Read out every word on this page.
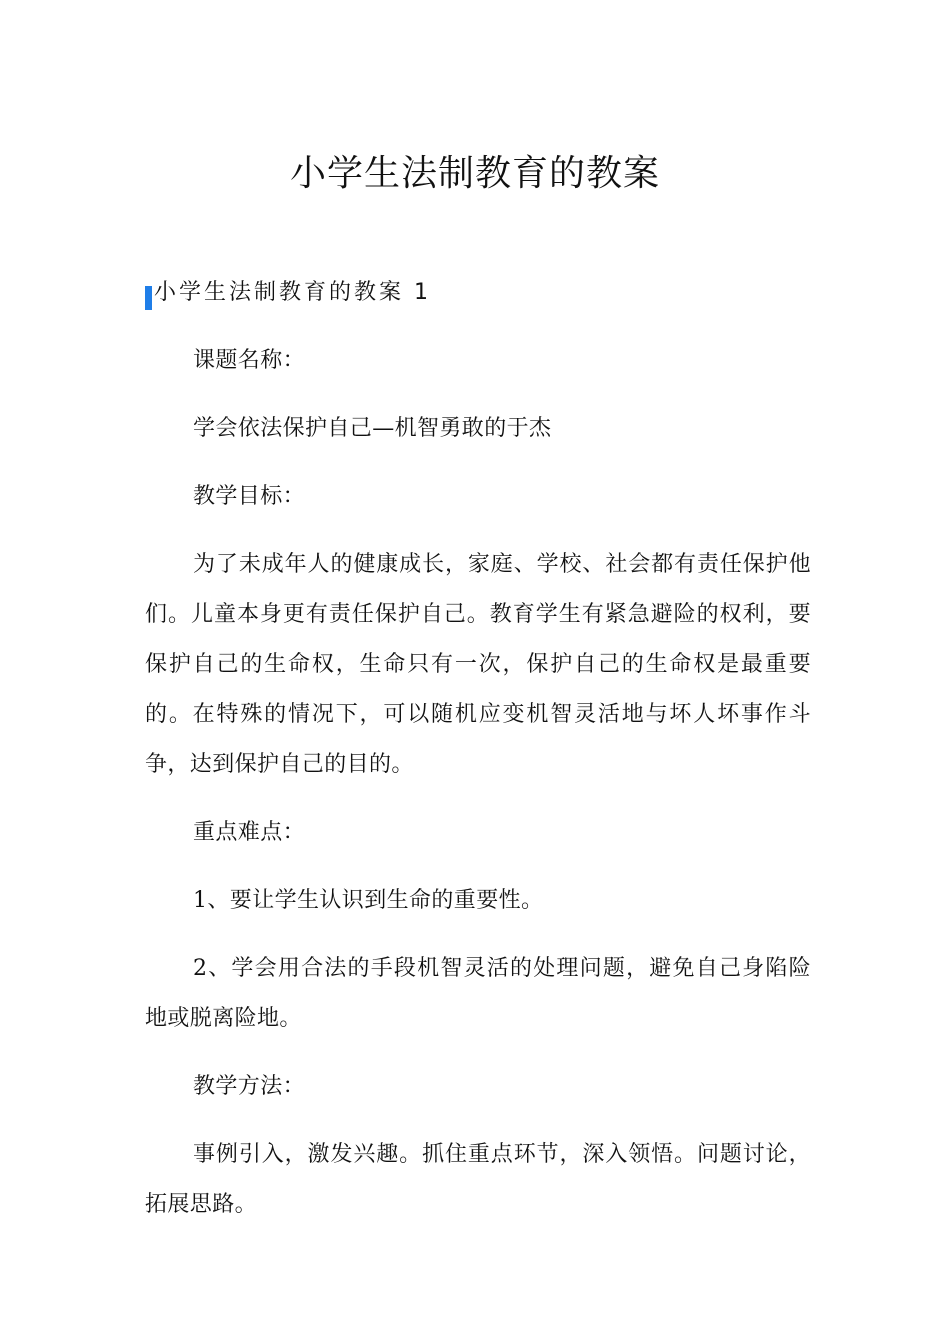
小学生法制教育的教案
小学生法制教育的教案 1

课题名称：

学会依法保护自己—机智勇敢的于杰

教学目标：

为了未成年人的健康成长，家庭、学校、社会都有责任保护他们。儿童本身更有责任保护自己。教育学生有紧急避险的权利，要保护自己的生命权，生命只有一次，保护自己的生命权是最重要的。在特殊的情况下，可以随机应变机智灵活地与坏人坏事作斗争，达到保护自己的目的。

重点难点：

1、要让学生认识到生命的重要性。

2、学会用合法的手段机智灵活的处理问题，避免自己身陷险地或脱离险地。

教学方法：

事例引入，激发兴趣。抓住重点环节，深入领悟。问题讨论，拓展思路。
